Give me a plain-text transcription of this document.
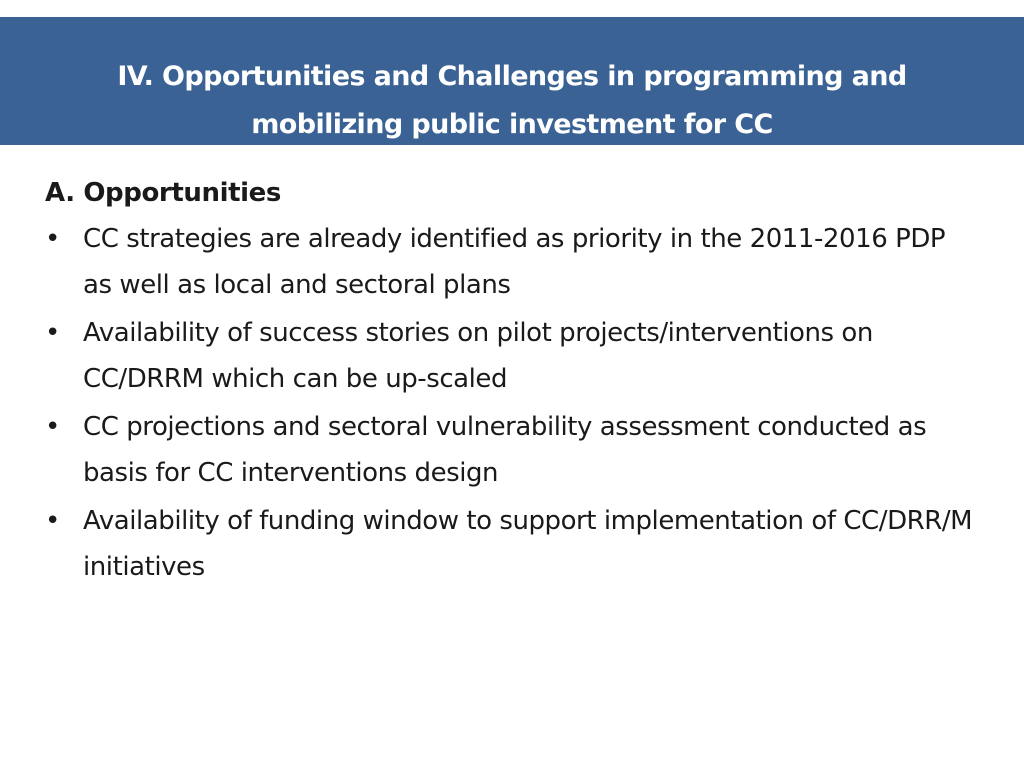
IV. Opportunities and Challenges in programming and
mobilizing public investment for CC
A. Opportunities
• CC strategies are already identified as priority in the 2011-2016 PDP as well as local and sectoral plans
• Availability of success stories on pilot projects/interventions on CC/DRRM which can be up-scaled
• CC projections and sectoral vulnerability assessment conducted as basis for CC interventions design
• Availability of funding window to support implementation of CC/DRR/M initiatives
